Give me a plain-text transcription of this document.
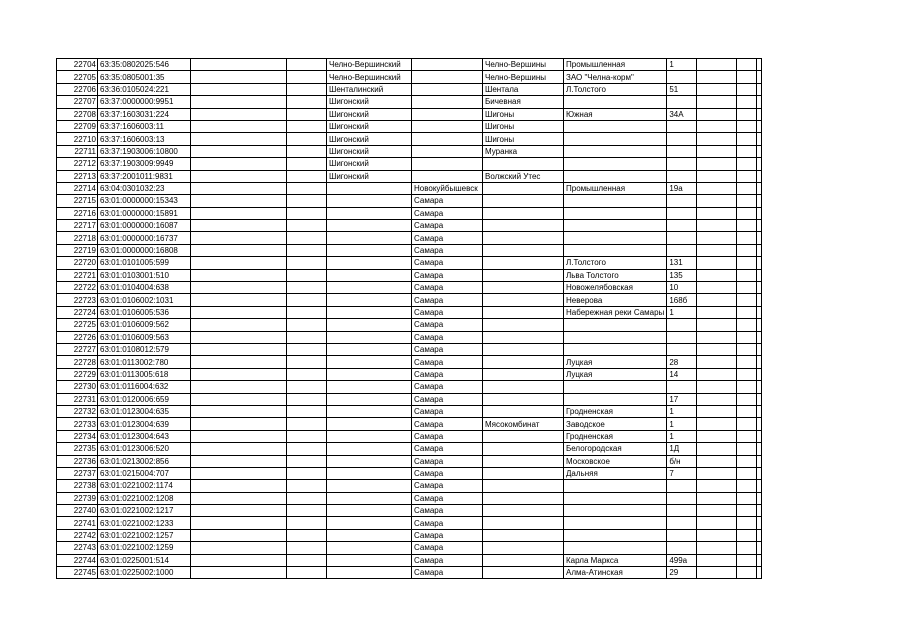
22704	63:35:0802025:546			Челно-Вершинский		Челно-Вершины	Промышленная	1			
22705	63:35:0805001:35			Челно-Вершинский		Челно-Вершины	ЗАО "Челна-корм"				
22706	63:36:0105024:221			Шенталинский		Шентала	Л.Толстого	51			
22707	63:37:0000000:9951			Шигонский		Бичевная					
22708	63:37:1603031:224			Шигонский		Шигоны	Южная	34А			
22709	63:37:1606003:11			Шигонский		Шигоны					
22710	63:37:1606003:13			Шигонский		Шигоны					
22711	63:37:1903006:10800			Шигонский		Муранка					
22712	63:37:1903009:9949			Шигонский							
22713	63:37:2001011:9831			Шигонский		Волжский Утес					
22714	63:04:0301032:23				Новокуйбышевск		Промышленная	19а			
22715	63:01:0000000:15343				Самара						
22716	63:01:0000000:15891				Самара						
22717	63:01:0000000:16087				Самара						
22718	63:01:0000000:16737				Самара						
22719	63:01:0000000:16808				Самара						
22720	63:01:0101005:599				Самара		Л.Толстого	131			
22721	63:01:0103001:510				Самара		Льва Толстого	135			
22722	63:01:0104004:638				Самара		Новожелябовская	10			
22723	63:01:0106002:1031				Самара		Неверова	168б			
22724	63:01:0106005:536				Самара		Набережная реки Самары	1			
22725	63:01:0106009:562				Самара						
22726	63:01:0106009:563				Самара						
22727	63:01:0108012:579				Самара						
22728	63:01:0113002:780				Самара		Луцкая	28			
22729	63:01:0113005:618				Самара		Луцкая	14			
22730	63:01:0116004:632				Самара						
22731	63:01:0120006:659				Самара			17			
22732	63:01:0123004:635				Самара		Гродненская	1			
22733	63:01:0123004:639				Самара	Мясокомбинат	Заводское	1			
22734	63:01:0123004:643				Самара		Гродненская	1			
22735	63:01:0123006:520				Самара		Белогородская	1Д			
22736	63:01:0213002:856				Самара		Московское	б/н			
22737	63:01:0215004:707				Самара		Дальняя	7			
22738	63:01:0221002:1174				Самара						
22739	63:01:0221002:1208				Самара						
22740	63:01:0221002:1217				Самара						
22741	63:01:0221002:1233				Самара						
22742	63:01:0221002:1257				Самара						
22743	63:01:0221002:1259				Самара						
22744	63:01:0225001:514				Самара		Карла Маркса	499а			
22745	63:01:0225002:1000				Самара		Алма-Атинская	29			
